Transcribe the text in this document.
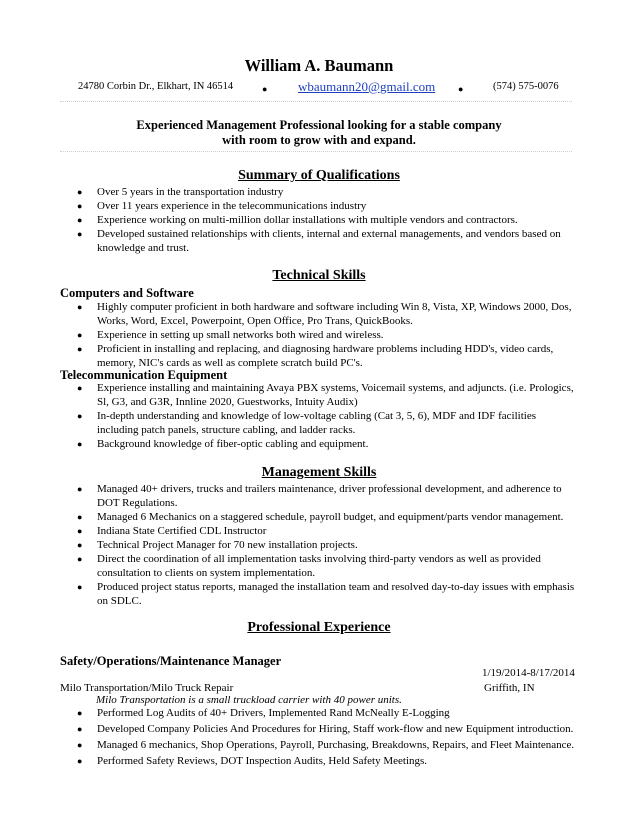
William A. Baumann
24780 Corbin Dr., Elkhart, IN 46514	● wbaumann20@gmail.com	●	(574) 575-0076
Experienced Management Professional looking for a stable company
with room to grow with and expand.
Summary of Qualifications
● Over 5 years in the transportation industry
● Over 11 years experience in the telecommunications industry
● Experience working on multi-million dollar installations with multiple vendors and contractors.
● Developed sustained relationships with clients, internal and external managements, and vendors based on knowledge and trust.
Technical Skills
Computers and Software
● Highly computer proficient in both hardware and software including Win 8, Vista, XP, Windows 2000, Dos, Works, Word, Excel, Powerpoint, Open Office, Pro Trans, QuickBooks.
● Experience in setting up small networks both wired and wireless.
● Proficient in installing and replacing, and diagnosing hardware problems including HDD's, video cards, memory, NIC's cards as well as complete scratch build PC's.
Telecommunication Equipment
● Experience installing and maintaining Avaya PBX systems, Voicemail systems, and adjuncts. (i.e. Prologics, Sl, G3, and G3R, Innline 2020, Guestworks, Intuity Audix)
● In-depth understanding and knowledge of low-voltage cabling (Cat 3, 5, 6), MDF and IDF facilities including patch panels, structure cabling, and ladder racks.
● Background knowledge of fiber-optic cabling and equipment.
Management Skills
● Managed 40+ drivers, trucks and trailers maintenance, driver professional development, and adherence to DOT Regulations.
● Managed 6 Mechanics on a staggered schedule, payroll budget, and equipment/parts vendor management.
● Indiana State Certified CDL Instructor
● Technical Project Manager for 70 new installation projects.
● Direct the coordination of all implementation tasks involving third-party vendors as well as provided consultation to clients on system implementation.
● Produced project status reports, managed the installation team and resolved day-to-day issues with emphasis on SDLC.
Professional Experience
Safety/Operations/Maintenance Manager
1/19/2014-8/17/2014
Milo Transportation/Milo Truck Repair	Griffith, IN
Milo Transportation is a small truckload carrier with 40 power units.
● Performed Log Audits of 40+ Drivers, Implemented Rand McNeally E-Logging
● Developed Company Policies And Procedures for Hiring, Staff work-flow and new Equipment introduction.
● Managed 6 mechanics, Shop Operations, Payroll, Purchasing, Breakdowns, Repairs, and Fleet Maintenance.
● Performed Safety Reviews, DOT Inspection Audits, Held Safety Meetings.
